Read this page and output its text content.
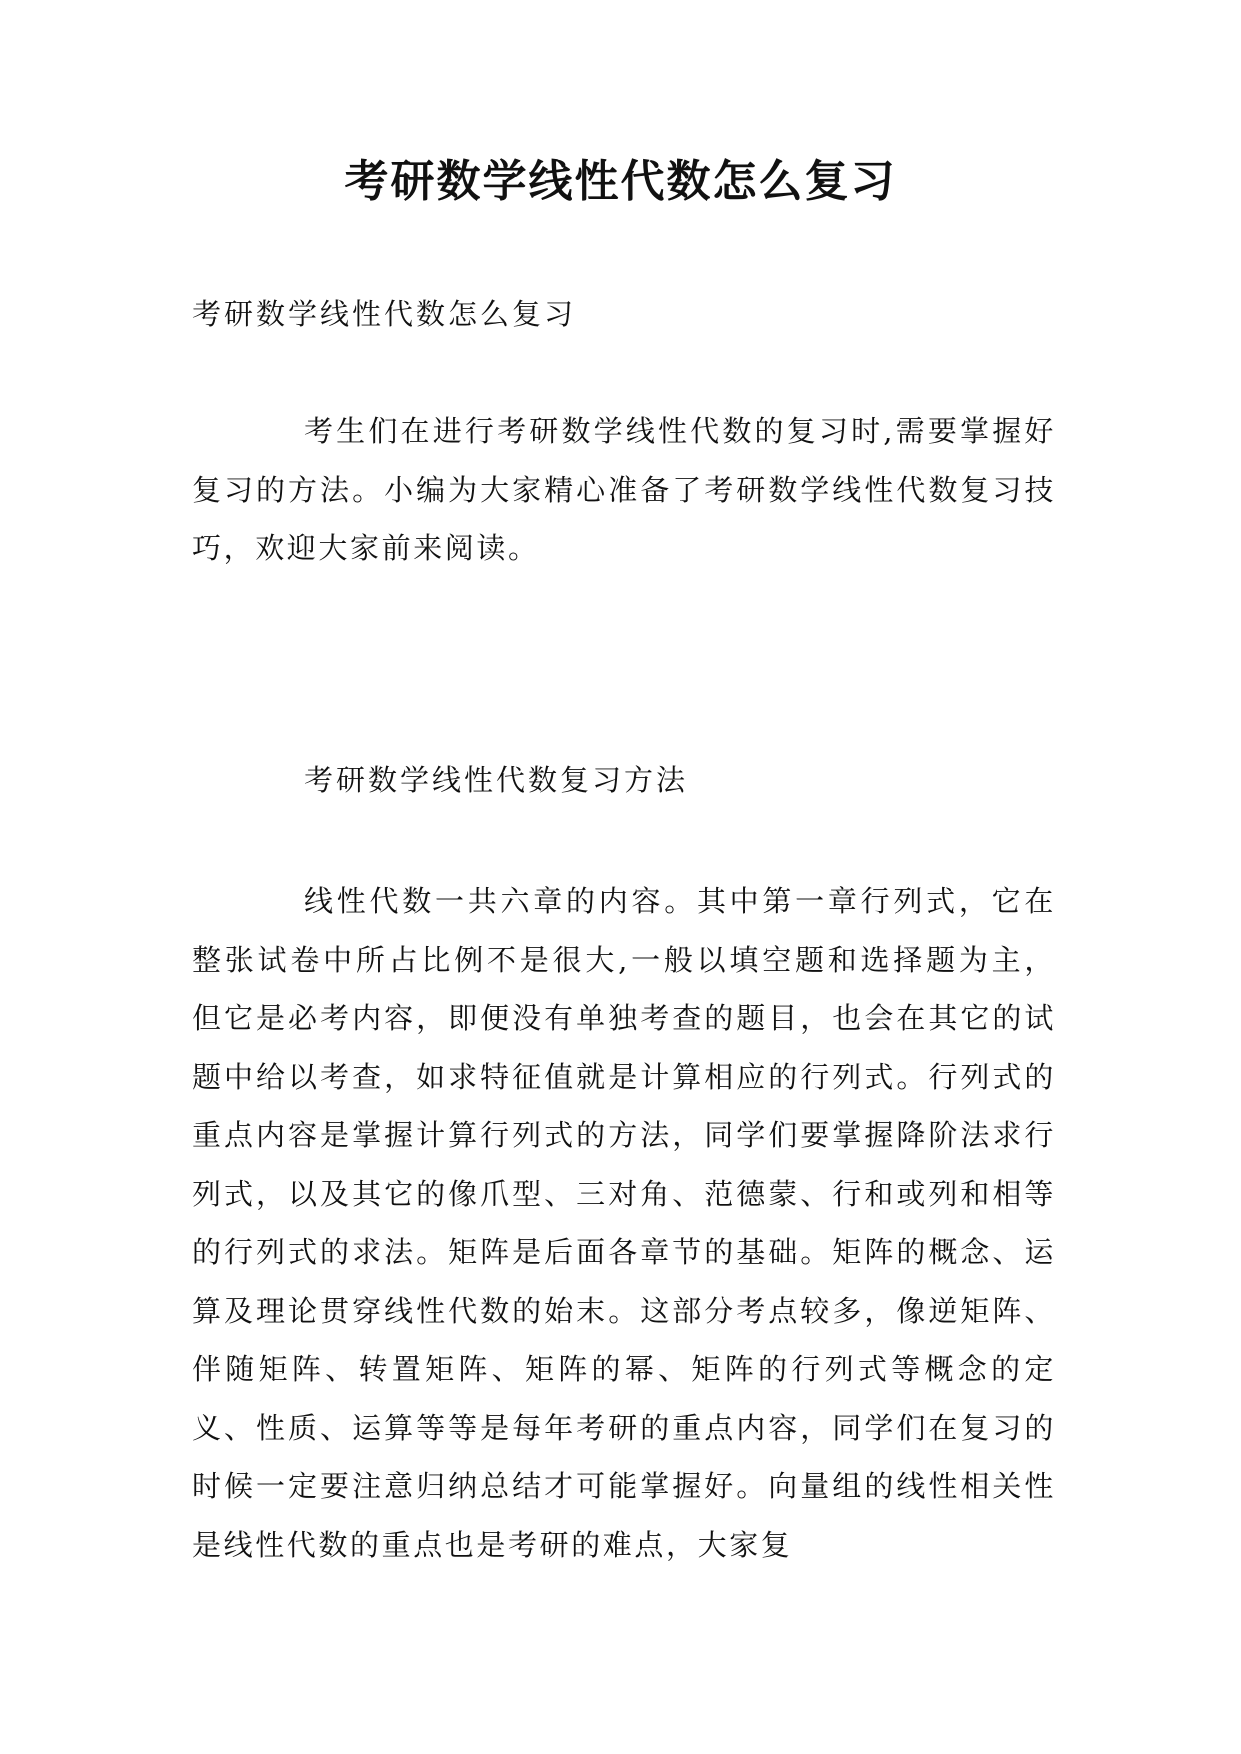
考研数学线性代数怎么复习

考研数学线性代数怎么复习

考生们在进行考研数学线性代数的复习时,需要掌握好复习的方法。小编为大家精心准备了考研数学线性代数复习技巧，欢迎大家前来阅读。

考研数学线性代数复习方法

线性代数一共六章的内容。其中第一章行列式，它在整张试卷中所占比例不是很大,一般以填空题和选择题为主，但它是必考内容，即便没有单独考查的题目，也会在其它的试题中给以考查，如求特征值就是计算相应的行列式。行列式的重点内容是掌握计算行列式的方法，同学们要掌握降阶法求行列式，以及其它的像爪型、三对角、范德蒙、行和或列和相等的行列式的求法。矩阵是后面各章节的基础。矩阵的概念、运算及理论贯穿线性代数的始末。这部分考点较多，像逆矩阵、伴随矩阵、转置矩阵、矩阵的幂、矩阵的行列式等概念的定义、性质、运算等等是每年考研的重点内容，同学们在复习的时候一定要注意归纳总结才可能掌握好。向量组的线性相关性是线性代数的重点也是考研的难点，大家复
